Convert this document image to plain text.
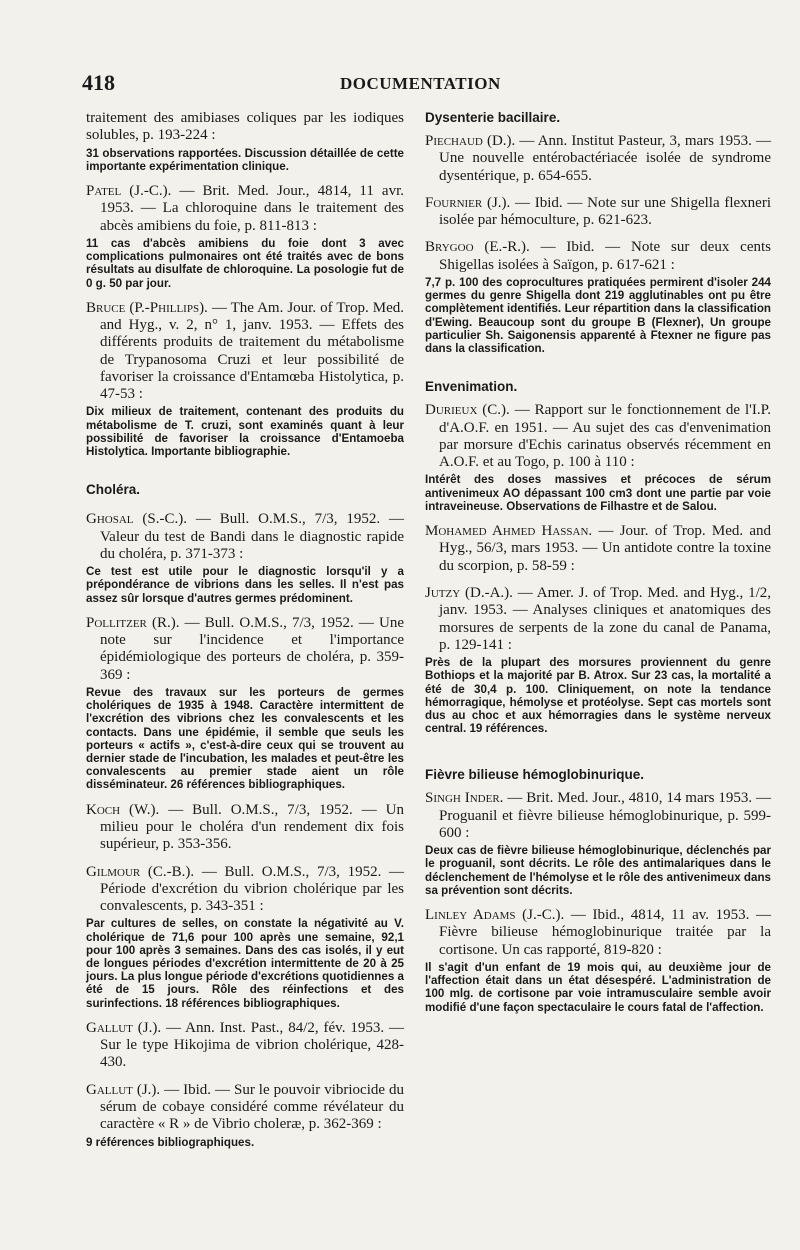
418	DOCUMENTATION

traitement des amibiases coliques par les iodiques solubles, p. 193-224 :

31 observations rapportées. Discussion détaillée de cette importante expérimentation clinique.

Patel (J.-C.). — Brit. Med. Jour., 4814, 11 avr. 1953. — La chloroquine dans le traitement des abcès amibiens du foie, p. 811-813 :

11 cas d'abcès amibiens du foie dont 3 avec complications pulmonaires ont été traités avec de bons résultats au disulfate de chloroquine. La posologie fut de 0 g. 50 par jour.

Bruce (P.-Phillips). — The Am. Jour. of Trop. Med. and Hyg., v. 2, n° 1, janv. 1953. — Effets des différents produits de traitement du métabolisme de Trypanosoma Cruzi et leur possibilité de favoriser la croissance d'Entamœba Histolytica, p. 47-53 :

Dix milieux de traitement, contenant des produits du métabolisme de T. cruzi, sont examinés quant à leur possibilité de favoriser la croissance d'Entamoeba Histolytica. Importante bibliographie.

Choléra.

Ghosal (S.-C.). — Bull. O.M.S., 7/3, 1952. — Valeur du test de Bandi dans le diagnostic rapide du choléra, p. 371-373 :

Ce test est utile pour le diagnostic lorsqu'il y a prépondérance de vibrions dans les selles. Il n'est pas assez sûr lorsque d'autres germes prédominent.

Pollitzer (R.). — Bull. O.M.S., 7/3, 1952. — Une note sur l'incidence et l'importance épidémiologique des porteurs de choléra, p. 359-369 :

Revue des travaux sur les porteurs de germes cholériques de 1935 à 1948. Caractère intermittent de l'excrétion des vibrions chez les convalescents et les contacts. Dans une épidémie, il semble que seuls les porteurs « actifs », c'est-à-dire ceux qui se trouvent au dernier stade de l'incubation, les malades et peut-être les convalescents au premier stade aient un rôle disséminateur. 26 références bibliographiques.

Koch (W.). — Bull. O.M.S., 7/3, 1952. — Un milieu pour le choléra d'un rendement dix fois supérieur, p. 353-356.

Gilmour (C.-B.). — Bull. O.M.S., 7/3, 1952. — Période d'excrétion du vibrion cholérique par les convalescents, p. 343-351 :

Par cultures de selles, on constate la négativité au V. cholérique de 71,6 pour 100 après une semaine, 92,1 pour 100 après 3 semaines. Dans des cas isolés, il y eut de longues périodes d'excrétion intermittente de 20 à 25 jours. La plus longue période d'excrétions quotidiennes a été de 15 jours. Rôle des réinfections et des surinfections. 18 références bibliographiques.

Gallut (J.). — Ann. Inst. Past., 84/2, fév. 1953. — Sur le type Hikojima de vibrion cholérique, 428-430.

Gallut (J.). — Ibid. — Sur le pouvoir vibriocide du sérum de cobaye considéré comme révélateur du caractère « R » de Vibrio choleræ, p. 362-369 :

9 références bibliographiques.

Dysenterie bacillaire.

Piechaud (D.). — Ann. Institut Pasteur, 3, mars 1953. — Une nouvelle entérobactériacée isolée de syndrome dysentérique, p. 654-655.

Fournier (J.). — Ibid. — Note sur une Shigella flexneri isolée par hémoculture, p. 621-623.

Brygoo (E.-R.). — Ibid. — Note sur deux cents Shigellas isolées à Saïgon, p. 617-621 :

7,7 p. 100 des coprocultures pratiquées permirent d'isoler 244 germes du genre Shigella dont 219 agglutinables ont pu être complètement identifiés. Leur répartition dans la classification d'Ewing. Beaucoup sont du groupe B (Flexner), Un groupe particulier Sh. Saigonensis apparenté à Ftexner ne figure pas dans la classification.

Envenimation.

Durieux (C.). — Rapport sur le fonctionnement de l'I.P. d'A.O.F. en 1951. — Au sujet des cas d'envenimation par morsure d'Echis carinatus observés récemment en A.O.F. et au Togo, p. 100 à 110 :

Intérêt des doses massives et précoces de sérum antivenimeux AO dépassant 100 cm3 dont une partie par voie intraveineuse. Observations de Filhastre et de Salou.

Mohamed Ahmed Hassan. — Jour. of Trop. Med. and Hyg., 56/3, mars 1953. — Un antidote contre la toxine du scorpion, p. 58-59 :

Jutzy (D.-A.). — Amer. J. of Trop. Med. and Hyg., 1/2, janv. 1953. — Analyses cliniques et anatomiques des morsures de serpents de la zone du canal de Panama, p. 129-141 :

Près de la plupart des morsures proviennent du genre Bothiops et la majorité par B. Atrox. Sur 23 cas, la mortalité a été de 30,4 p. 100. Cliniquement, on note la tendance hémorragique, hémolyse et protéolyse. Sept cas mortels sont dus au choc et aux hémorragies dans le système nerveux central. 19 références.

Fièvre bilieuse hémoglobinurique.

Singh Inder. — Brit. Med. Jour., 4810, 14 mars 1953. — Proguanil et fièvre bilieuse hémoglobinurique, p. 599-600 :

Deux cas de fièvre bilieuse hémoglobinurique, déclenchés par le proguanil, sont décrits. Le rôle des antimalariques dans le déclenchement de l'hémolyse et le rôle des antivenimeux dans sa prévention sont décrits.

Linley Adams (J.-C.). — Ibid., 4814, 11 av. 1953. — Fièvre bilieuse hémoglobinurique traitée par la cortisone. Un cas rapporté, 819-820 :

Il s'agit d'un enfant de 19 mois qui, au deuxième jour de l'affection était dans un état désespéré. L'administration de 100 mlg. de cortisone par voie intramusculaire semble avoir modifié d'une façon spectaculaire le cours fatal de l'affection.
